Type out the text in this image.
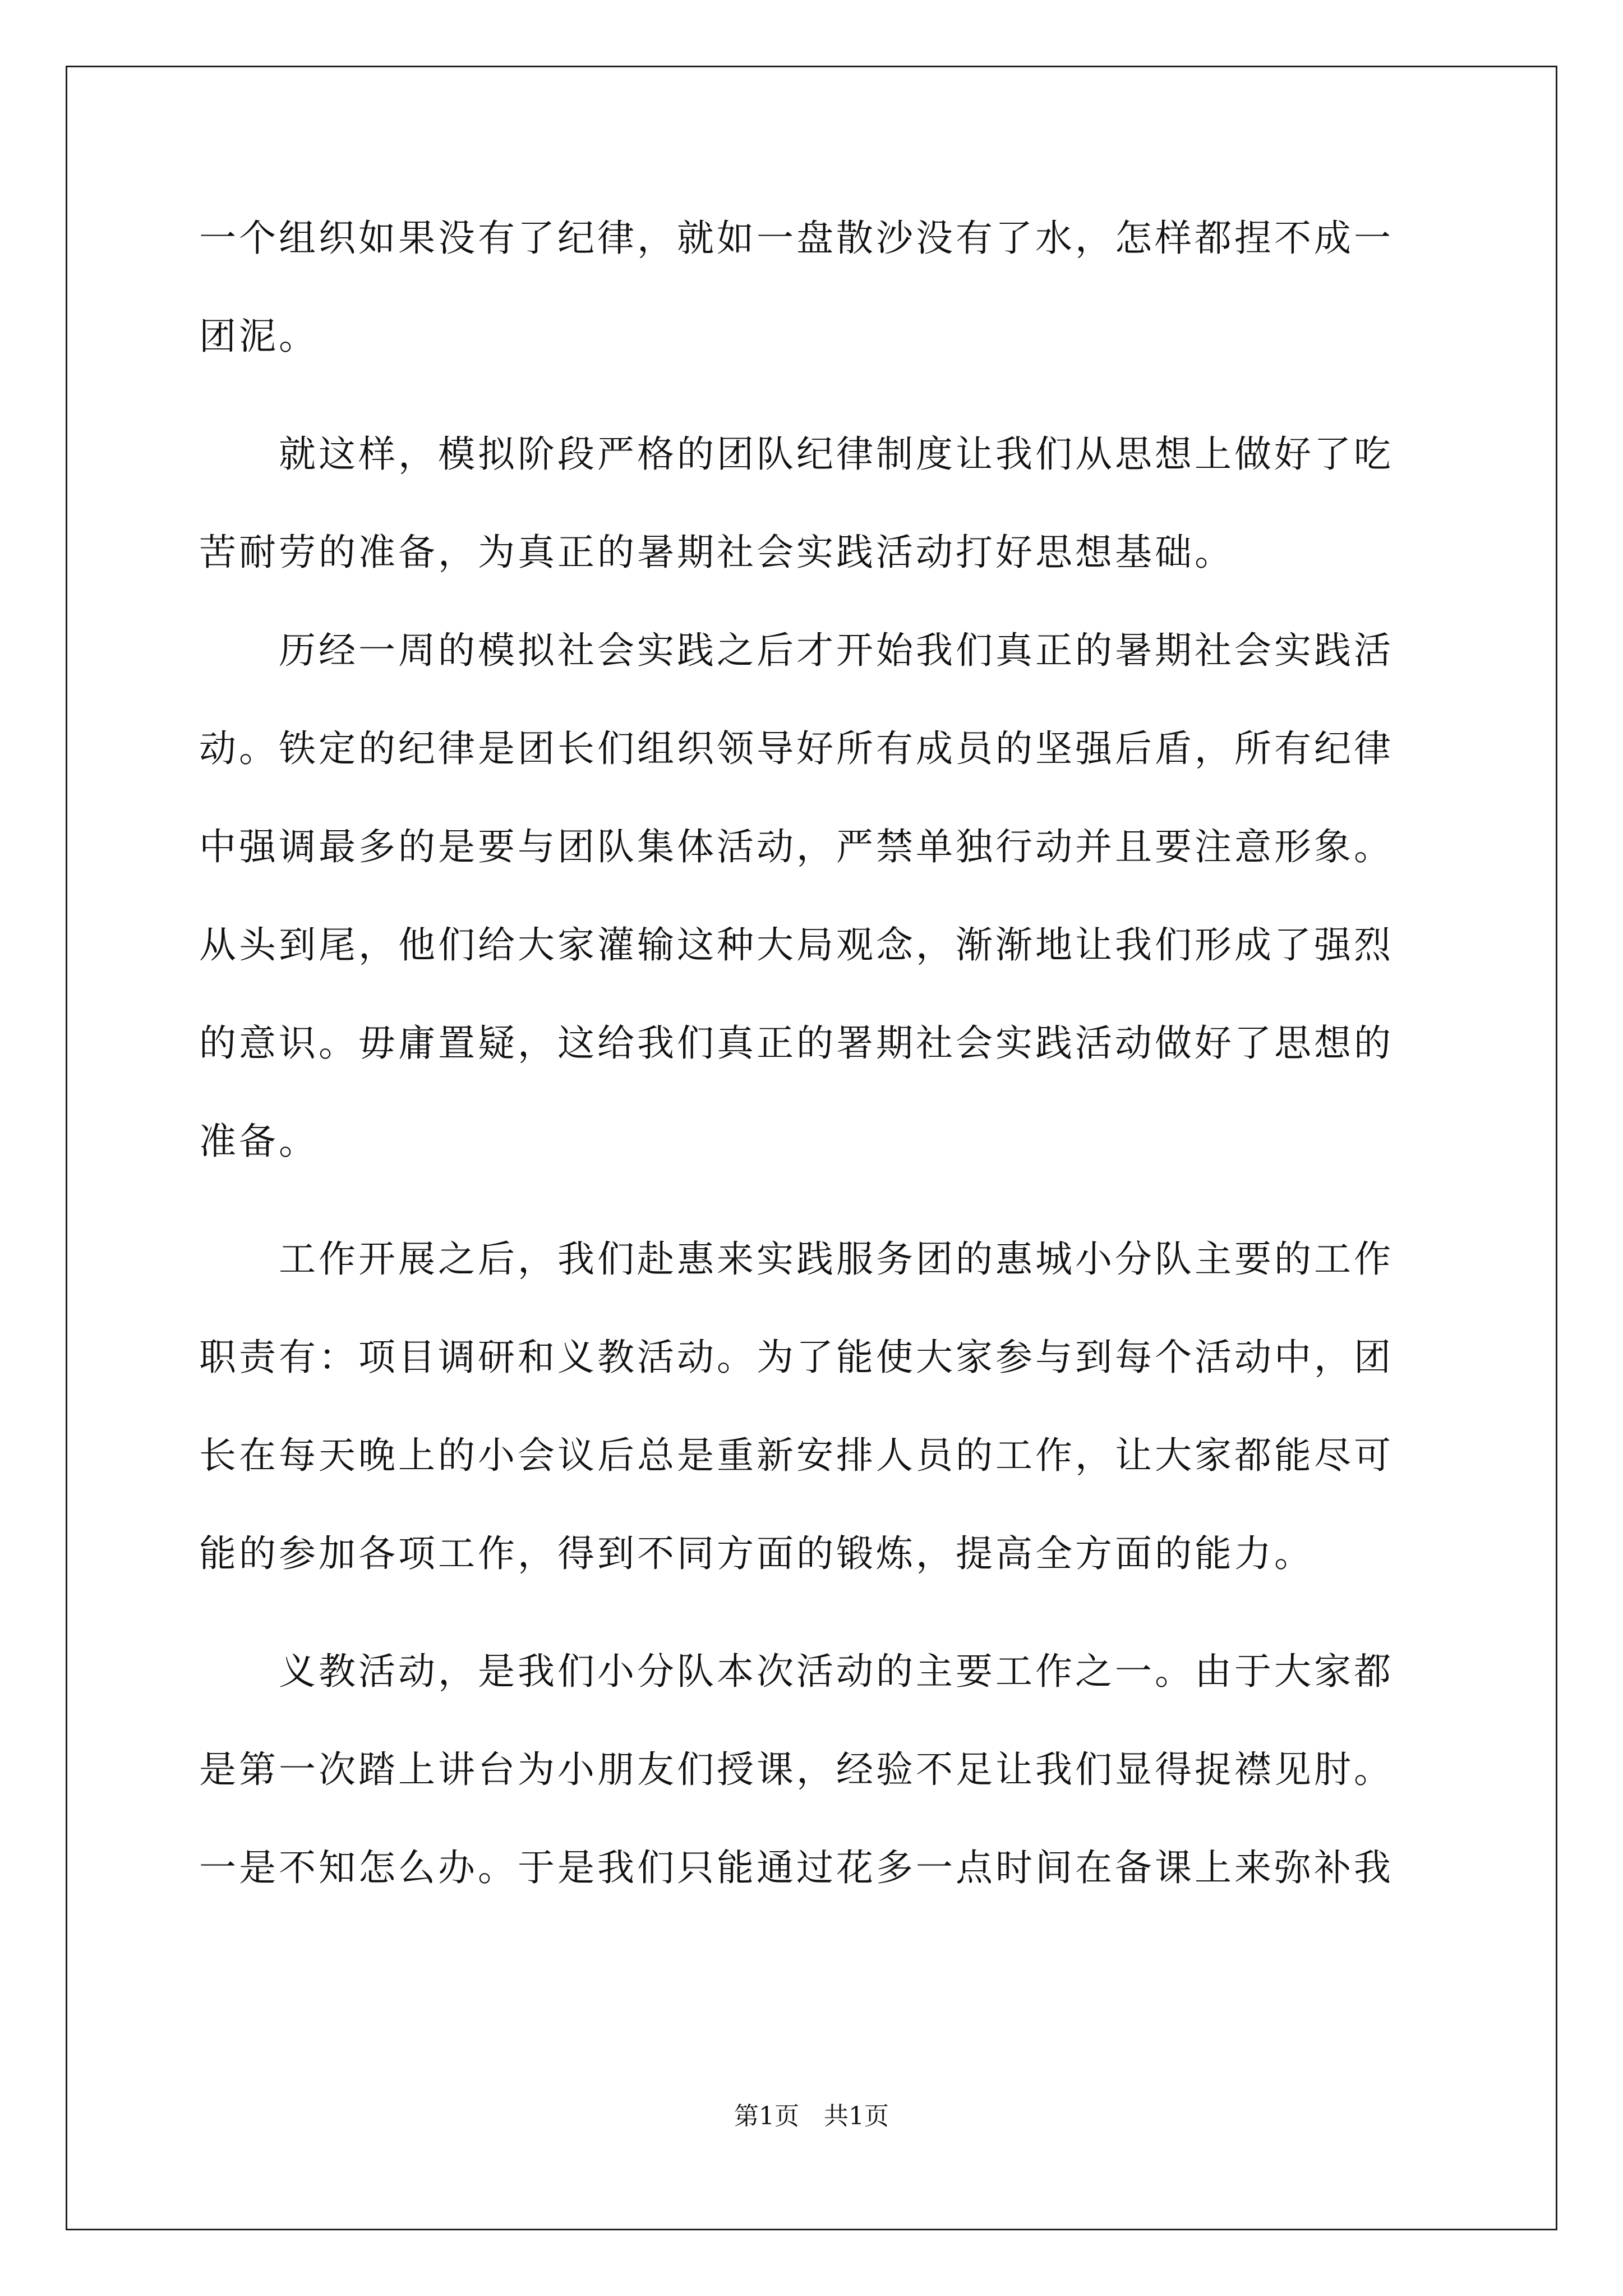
一个组织如果没有了纪律，就如一盘散沙没有了水，怎样都捏不成一
团泥。
　　就这样，模拟阶段严格的团队纪律制度让我们从思想上做好了吃
苦耐劳的准备，为真正的暑期社会实践活动打好思想基础。
　　历经一周的模拟社会实践之后才开始我们真正的暑期社会实践活
动。铁定的纪律是团长们组织领导好所有成员的坚强后盾，所有纪律
中强调最多的是要与团队集体活动，严禁单独行动并且要注意形象。
从头到尾，他们给大家灌输这种大局观念，渐渐地让我们形成了强烈
的意识。毋庸置疑，这给我们真正的署期社会实践活动做好了思想的
准备。
　　工作开展之后，我们赴惠来实践服务团的惠城小分队主要的工作
职责有：项目调研和义教活动。为了能使大家参与到每个活动中，团
长在每天晚上的小会议后总是重新安排人员的工作，让大家都能尽可
能的参加各项工作，得到不同方面的锻炼，提高全方面的能力。
　　义教活动，是我们小分队本次活动的主要工作之一。由于大家都
是第一次踏上讲台为小朋友们授课，经验不足让我们显得捉襟见肘。
一是不知怎么办。于是我们只能通过花多一点时间在备课上来弥补我
第1页　共1页
